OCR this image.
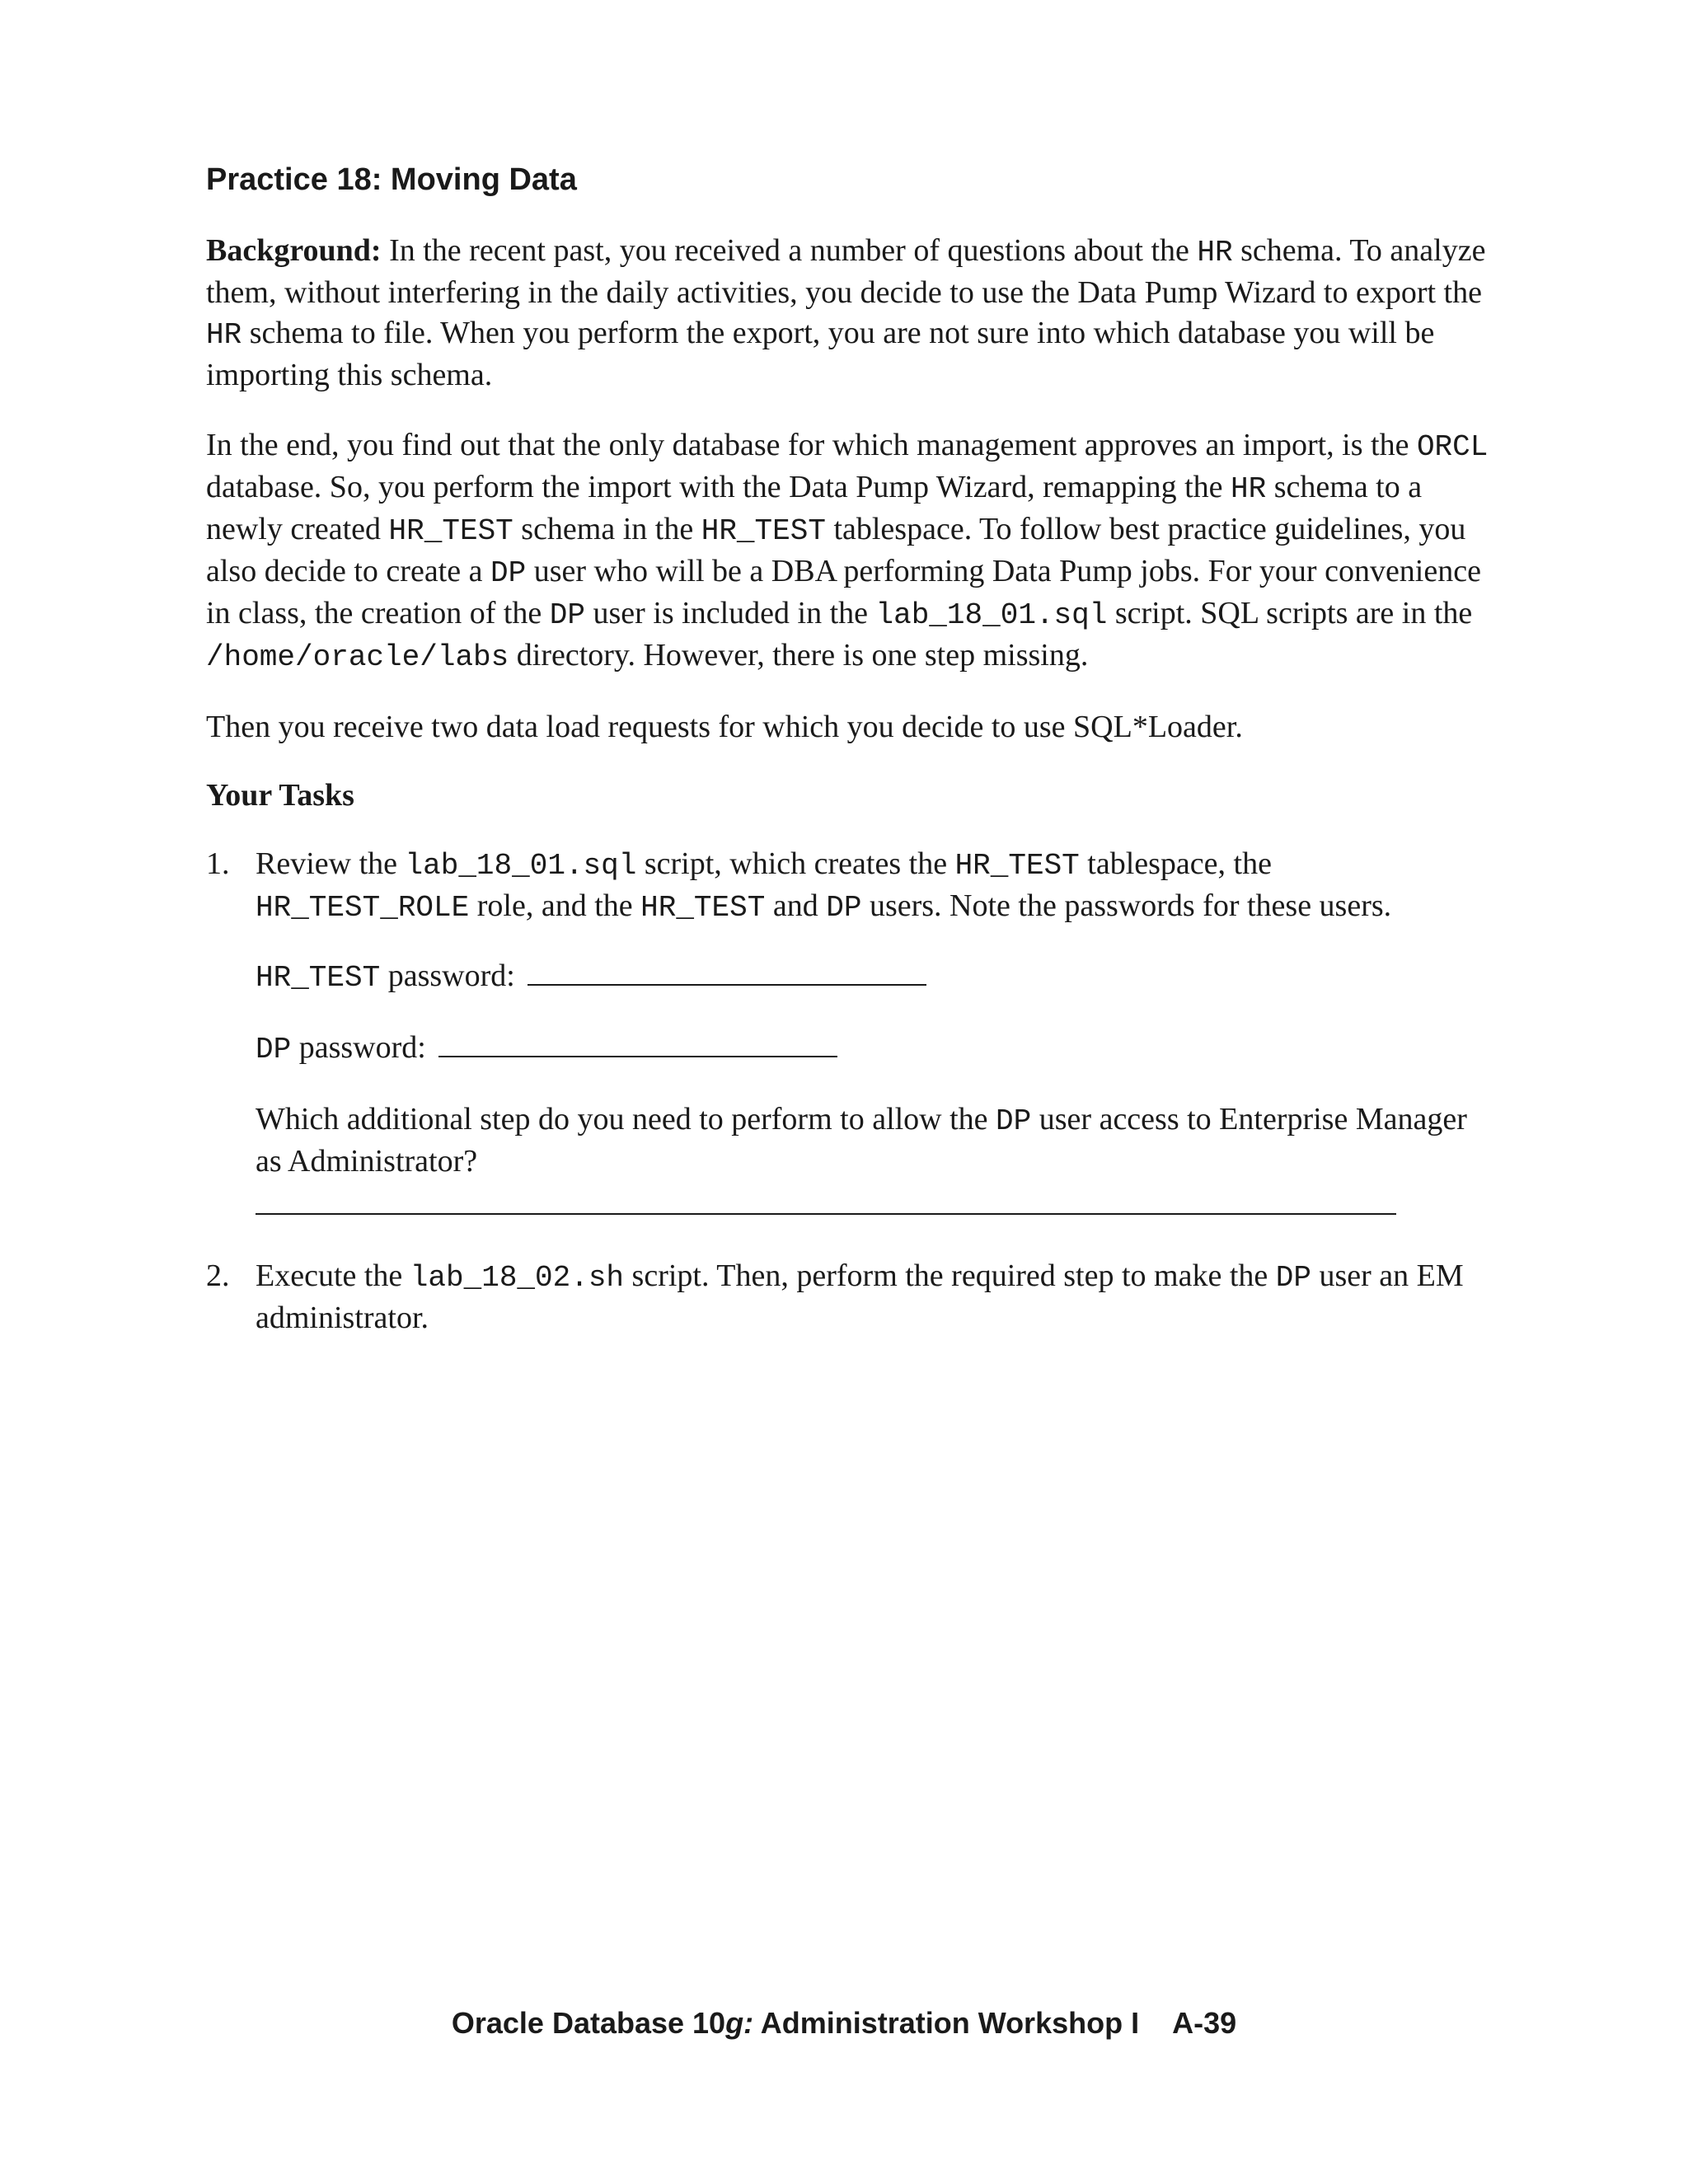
Practice 18: Moving Data

Background: In the recent past, you received a number of questions about the HR schema. To analyze them, without interfering in the daily activities, you decide to use the Data Pump Wizard to export the HR schema to file. When you perform the export, you are not sure into which database you will be importing this schema.

In the end, you find out that the only database for which management approves an import, is the ORCL database. So, you perform the import with the Data Pump Wizard, remapping the HR schema to a newly created HR_TEST schema in the HR_TEST tablespace. To follow best practice guidelines, you also decide to create a DP user who will be a DBA performing Data Pump jobs. For your convenience in class, the creation of the DP user is included in the lab_18_01.sql script. SQL scripts are in the /home/oracle/labs directory. However, there is one step missing.

Then you receive two data load requests for which you decide to use SQL*Loader.

Your Tasks
1. Review the lab_18_01.sql script, which creates the HR_TEST tablespace, the HR_TEST_ROLE role, and the HR_TEST and DP users. Note the passwords for these users.
HR_TEST password:
DP password:
Which additional step do you need to perform to allow the DP user access to Enterprise Manager as Administrator?
2. Execute the lab_18_02.sh script. Then, perform the required step to make the DP user an EM administrator.
Oracle Database 10g: Administration Workshop I A-39
